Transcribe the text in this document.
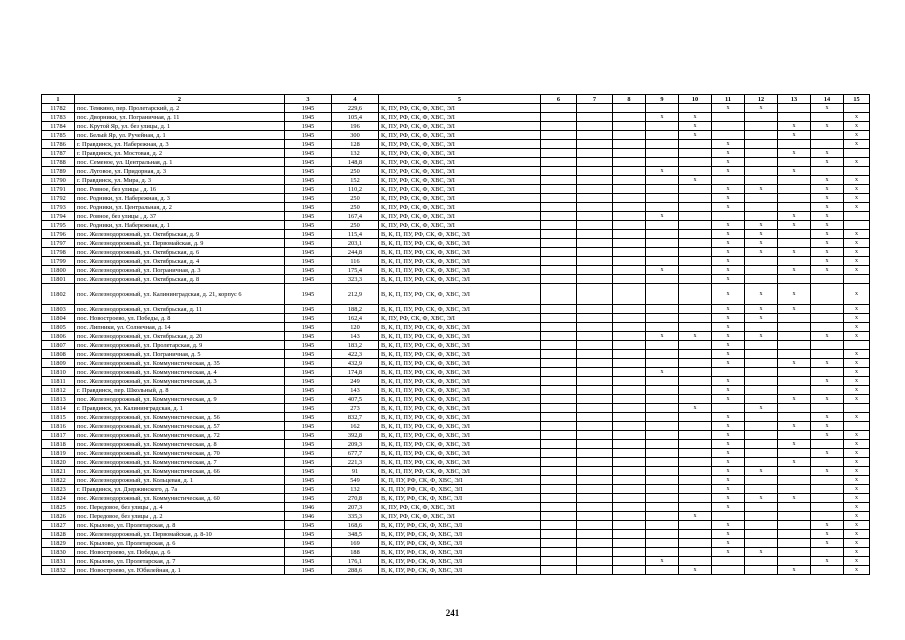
1	2	3	4	5	6	7	8	9	10	11	12	13	14	15
11782	пос. Темкино, пер. Пролетарский, д. 2	1945	229,6	К, ПУ, РФ, СК, Ф, ХВС, ЭЛ						x	x		x	
11783	пос. Дворники, ул. Пограничная, д. 11	1945	105,4	К, ПУ, РФ, СК, Ф, ХВС, ЭЛ				x	x					x
11784	пос. Крутой Яр, ул. без улицы, д. 1	1945	196	К, ПУ, РФ, СК, Ф, ХВС, ЭЛ					x			x	x	x
11785	пос. Белый Яр, ул. Ручейная, д. 1	1945	300	К, ПУ, РФ, СК, Ф, ХВС, ЭЛ					x			x		x
11786	г. Правдинск, ул. Набережная, д. 3	1945	128	К, ПУ, РФ, СК, Ф, ХВС, ЭЛ						x				x
11787	г. Правдинск, ул. Мостовая, д. 2	1945	132	К, ПУ, РФ, СК, Ф, ХВС, ЭЛ						x		x	x	
11788	пос. Семеное, ул. Центральная, д. 1	1945	148,8	К, ПУ, РФ, СК, Ф, ХВС, ЭЛ						x			x	x
11789	пос. Луговое, ул. Придорная, д. 3	1945	250	К, ПУ, РФ, СК, Ф, ХВС, ЭЛ				x		x		x		
11790	г. Правдинск, ул. Мира, д. 3	1945	152	К, ПУ, РФ, СК, Ф, ХВС, ЭЛ					x				x	x
11791	пос. Ровное, без улицы , д. 16	1945	110,2	К, ПУ, РФ, СК, Ф, ХВС, ЭЛ						x	x		x	x
11792	пос. Родники, ул. Набережная, д. 3	1945	250	К, ПУ, РФ, СК, Ф, ХВС, ЭЛ						x			x	x
11793	пос. Родники, ул. Центральная, д. 2	1945	250	К, ПУ, РФ, СК, Ф, ХВС, ЭЛ						x			x	x
11794	пос. Ровное, без улицы , д. 37	1945	167,4	К, ПУ, РФ, СК, Ф, ХВС, ЭЛ				x				x	x	
11795	пос. Родники, ул. Набережная, д. 1	1945	250	К, ПУ, РФ, СК, Ф, ХВС, ЭЛ						x	x	x	x	
11796	пос. Железнодорожный, ул. Октябрьская, д. 9	1945	115,4	В, К, П, ПУ, РФ, СК, Ф, ХВС, ЭЛ						x	x		x	x
11797	пос. Железнодорожный, ул. Первомайская, д. 9	1945	203,1	В, К, П, ПУ, РФ, СК, Ф, ХВС, ЭЛ						x	x		x	x
11798	пос. Железнодорожный, ул. Октябрьская, д. 6	1945	244,8	В, К, П, ПУ, РФ, СК, Ф, ХВС, ЭЛ						x	x	x	x	x
11799	пос. Железнодорожный, ул. Октябрьская, д. 4	1945	116	В, К, П, ПУ, РФ, СК, Ф, ХВС, ЭЛ						x			x	x
11800	пос. Железнодорожный, ул. Пограничная, д. 3	1945	175,4	В, К, П, ПУ, РФ, СК, Ф, ХВС, ЭЛ				x		x		x	x	x
11801	пос. Железнодорожный, ул. Октябрьская, д. 8	1945	323,3	В, К, П, ПУ, РФ, СК, Ф, ХВС, ЭЛ						x				
11802	пос. Железнодорожный, ул. Калининградская, д. 21, корпус 6	1945	212,9	В, К, П, ПУ, РФ, СК, Ф, ХВС, ЭЛ						x	x	x		x
11803	пос. Железнодорожный, ул. Октябрьская, д. 11	1945	188,2	В, К, П, ПУ, РФ, СК, Ф, ХВС, ЭЛ						x	x	x		x
11804	пос. Новостроево, ул. Победы, д. 8	1945	162,4	К, ПУ, РФ, СК, Ф, ХВС, ЭЛ						x	x			x
11805	пос. Липники, ул. Солнечная, д. 14	1945	120	В, К, П, ПУ, РФ, СК, Ф, ХВС, ЭЛ						x				x
11806	пос. Железнодорожный, ул. Октябрьская, д. 20	1945	143	В, К, П, ПУ, РФ, СК, Ф, ХВС, ЭЛ				x	x	x	x		x	x
11807	пос. Железнодорожный, ул. Пролетарская, д. 9	1945	183,2	В, К, П, ПУ, РФ, СК, Ф, ХВС, ЭЛ						x				
11808	пос. Железнодорожный, ул. Пограничная, д. 5	1945	422,3	В, К, П, ПУ, РФ, СК, Ф, ХВС, ЭЛ						x				x
11809	пос. Железнодорожный, ул. Коммунистическая, д. 35	1945	432,9	В, К, П, ПУ, РФ, СК, Ф, ХВС, ЭЛ						x		x	x	x
11810	пос. Железнодорожный, ул. Коммунистическая, д. 4	1945	174,8	В, К, П, ПУ, РФ, СК, Ф, ХВС, ЭЛ				x						x
11811	пос. Железнодорожный, ул. Коммунистическая, д. 3	1945	249	В, К, П, ПУ, РФ, СК, Ф, ХВС, ЭЛ						x			x	x
11812	г. Правдинск, пер. Школьный, д. 8	1945	143	В, К, П, ПУ, РФ, СК, Ф, ХВС, ЭЛ						x				x
11813	пос. Железнодорожный, ул. Коммунистическая, д. 9	1945	407,5	В, К, П, ПУ, РФ, СК, Ф, ХВС, ЭЛ						x		x	x	x
11814	г. Правдинск, ул. Калининградская, д. 1	1945	273	В, К, П, ПУ, РФ, СК, Ф, ХВС, ЭЛ					x		x			
11815	пос. Железнодорожный, ул. Коммунистическая, д. 56	1945	832,7	В, К, П, ПУ, РФ, СК, Ф, ХВС, ЭЛ						x			x	x
11816	пос. Железнодорожный, ул. Коммунистическая, д. 57	1945	162	В, К, П, ПУ, РФ, СК, Ф, ХВС, ЭЛ						x		x	x	
11817	пос. Железнодорожный, ул. Коммунистическая, д. 72	1945	392,8	В, К, П, ПУ, РФ, СК, Ф, ХВС, ЭЛ						x			x	x
11818	пос. Железнодорожный, ул. Коммунистическая, д. 8	1945	209,3	В, К, П, ПУ, РФ, СК, Ф, ХВС, ЭЛ						x		x		x
11819	пос. Железнодорожный, ул. Коммунистическая, д. 70	1945	677,7	В, К, П, ПУ, РФ, СК, Ф, ХВС, ЭЛ						x			x	x
11820	пос. Железнодорожный, ул. Коммунистическая, д. 7	1945	221,3	В, К, П, ПУ, РФ, СК, Ф, ХВС, ЭЛ						x		x		x
11821	пос. Железнодорожный, ул. Коммунистическая, д. 66	1945	91	В, К, П, ПУ, РФ, СК, Ф, ХВС, ЭЛ						x	x		x	x
11822	пос. Железнодорожный, ул. Кольцевая, д. 1	1945	549	К, П, ПУ, РФ, СК, Ф, ХВС, ЭЛ						x				x
11823	г. Правдинск, ул. Дзержинского, д. 7а	1945	132	К, П, ПУ, РФ, СК, Ф, ХВС, ЭЛ						x				x
11824	пос. Железнодорожный, ул. Коммунистическая, д. 60	1945	270,8	В, К, ПУ, РФ, СК, Ф, ХВС, ЭЛ						x	x	x		x
11825	пос. Передовое, без улицы , д. 4	1946	207,3	К, ПУ, РФ, СК, Ф, ХВС, ЭЛ						x				x
11826	пос. Передовое, без улицы , д. 2	1946	335,3	К, ПУ, РФ, СК, Ф, ХВС, ЭЛ					x					x
11827	пос. Крылово, ул. Пролетарская, д. 8	1945	168,6	В, К, ПУ, РФ, СК, Ф, ХВС, ЭЛ						x			x	x
11828	пос. Железнодорожный, ул. Первомайская, д. 8-10	1945	348,5	В, К, ПУ, РФ, СК, Ф, ХВС, ЭЛ						x			x	x
11829	пос. Крылово, ул. Пролетарская, д. 6	1945	169	В, К, ПУ, РФ, СК, Ф, ХВС, ЭЛ						x			x	x
11830	пос. Новостроево, ул. Победы, д. 6	1945	188	В, К, ПУ, РФ, СК, Ф, ХВС, ЭЛ						x	x			x
11831	пос. Крылово, ул. Пролетарская, д. 7	1945	176,1	В, К, ПУ, РФ, СК, Ф, ХВС, ЭЛ				x					x	x
11832	пос. Новостроево, ул. Юбилейная, д. 1	1945	288,6	В, К, ПУ, РФ, СК, Ф, ХВС, ЭЛ					x			x		x
241
